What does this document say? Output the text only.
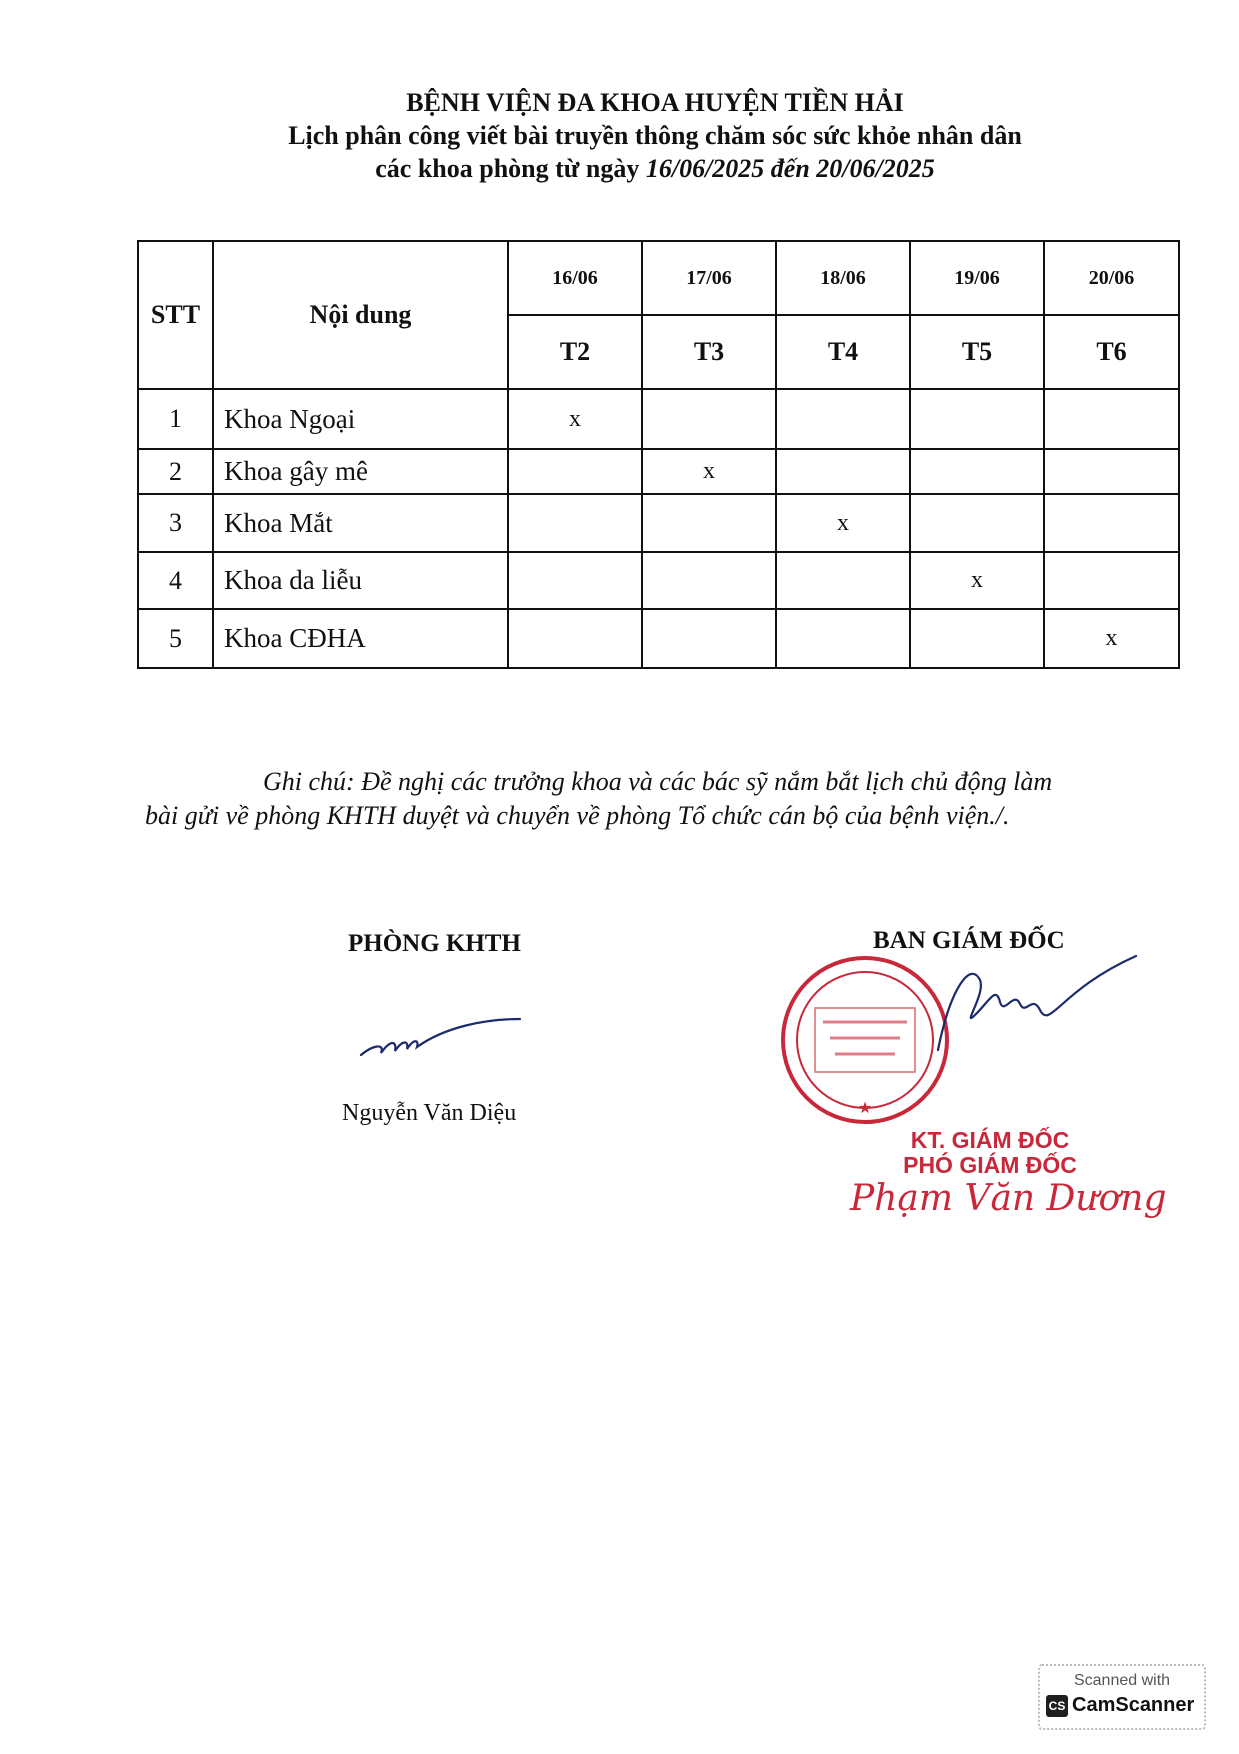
BỆNH VIỆN ĐA KHOA HUYỆN TIỀN HẢI
Lịch phân công viết bài truyền thông chăm sóc sức khỏe nhân dân
các khoa phòng từ ngày 16/06/2025 đến 20/06/2025
STT	Nội dung	16/06	17/06	18/06	19/06	20/06
		T2	T3	T4	T5	T6
1	Khoa Ngoại	x				
2	Khoa gây mê		x			
3	Khoa Mắt			x		
4	Khoa da liễu				x	
5	Khoa CĐHA					x
Ghi chú: Đề nghị các trưởng khoa và các bác sỹ nắm bắt lịch chủ động làm
bài gửi về phòng KHTH duyệt và chuyển về phòng Tổ chức cán bộ của bệnh viện./.
PHÒNG KHTH
Nguyễn Văn Diệu
BAN GIÁM ĐỐC
★
KT. GIÁM ĐỐC
PHÓ GIÁM ĐỐC
Phạm Văn Dương
Scanned with
CS CamScanner
